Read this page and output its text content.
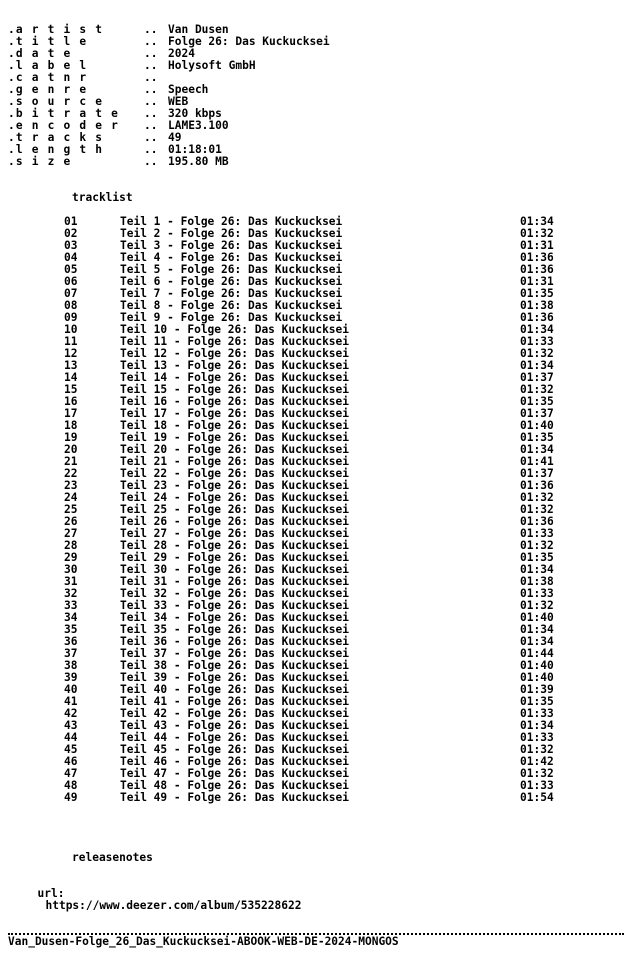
.a r t i s t	.. Van Dusen
.t i t l e	.. Folge 26: Das Kuckucksei
.d a t e	.. 2024
.l a b e l	.. Holysoft GmbH
.c a t n r	..
.g e n r e	.. Speech
.s o u r c e	.. WEB
.b i t r a t e .. 320 kbps
.e n c o d e r .. LAME3.100
.t r a c k s	.. 49
.l e n g t h	.. 01:18:01
.s i z e	.. 195.80 MB
tracklist
01	Teil 1 - Folge 26: Das Kuckucksei	01:34
02	Teil 2 - Folge 26: Das Kuckucksei	01:32
03	Teil 3 - Folge 26: Das Kuckucksei	01:31
04	Teil 4 - Folge 26: Das Kuckucksei	01:36
05	Teil 5 - Folge 26: Das Kuckucksei	01:36
06	Teil 6 - Folge 26: Das Kuckucksei	01:31
07	Teil 7 - Folge 26: Das Kuckucksei	01:35
08	Teil 8 - Folge 26: Das Kuckucksei	01:38
09	Teil 9 - Folge 26: Das Kuckucksei	01:36
10	Teil 10 - Folge 26: Das Kuckucksei	01:34
11	Teil 11 - Folge 26: Das Kuckucksei	01:33
12	Teil 12 - Folge 26: Das Kuckucksei	01:32
13	Teil 13 - Folge 26: Das Kuckucksei	01:34
14	Teil 14 - Folge 26: Das Kuckucksei	01:37
15	Teil 15 - Folge 26: Das Kuckucksei	01:32
16	Teil 16 - Folge 26: Das Kuckucksei	01:35
17	Teil 17 - Folge 26: Das Kuckucksei	01:37
18	Teil 18 - Folge 26: Das Kuckucksei	01:40
19	Teil 19 - Folge 26: Das Kuckucksei	01:35
20	Teil 20 - Folge 26: Das Kuckucksei	01:34
21	Teil 21 - Folge 26: Das Kuckucksei	01:41
22	Teil 22 - Folge 26: Das Kuckucksei	01:37
23	Teil 23 - Folge 26: Das Kuckucksei	01:36
24	Teil 24 - Folge 26: Das Kuckucksei	01:32
25	Teil 25 - Folge 26: Das Kuckucksei	01:32
26	Teil 26 - Folge 26: Das Kuckucksei	01:36
27	Teil 27 - Folge 26: Das Kuckucksei	01:33
28	Teil 28 - Folge 26: Das Kuckucksei	01:32
29	Teil 29 - Folge 26: Das Kuckucksei	01:35
30	Teil 30 - Folge 26: Das Kuckucksei	01:34
31	Teil 31 - Folge 26: Das Kuckucksei	01:38
32	Teil 32 - Folge 26: Das Kuckucksei	01:33
33	Teil 33 - Folge 26: Das Kuckucksei	01:32
34	Teil 34 - Folge 26: Das Kuckucksei	01:40
35	Teil 35 - Folge 26: Das Kuckucksei	01:34
36	Teil 36 - Folge 26: Das Kuckucksei	01:34
37	Teil 37 - Folge 26: Das Kuckucksei	01:44
38	Teil 38 - Folge 26: Das Kuckucksei	01:40
39	Teil 39 - Folge 26: Das Kuckucksei	01:40
40	Teil 40 - Folge 26: Das Kuckucksei	01:39
41	Teil 41 - Folge 26: Das Kuckucksei	01:35
42	Teil 42 - Folge 26: Das Kuckucksei	01:33
43	Teil 43 - Folge 26: Das Kuckucksei	01:34
44	Teil 44 - Folge 26: Das Kuckucksei	01:33
45	Teil 45 - Folge 26: Das Kuckucksei	01:32
46	Teil 46 - Folge 26: Das Kuckucksei	01:42
47	Teil 47 - Folge 26: Das Kuckucksei	01:32
48	Teil 48 - Folge 26: Das Kuckucksei	01:33
49	Teil 49 - Folge 26: Das Kuckucksei	01:54
releasenotes

url:
https://www.deezer.com/album/535228622

Van_Dusen-Folge_26_Das_Kuckucksei-ABOOK-WEB-DE-2024-MONGOS
